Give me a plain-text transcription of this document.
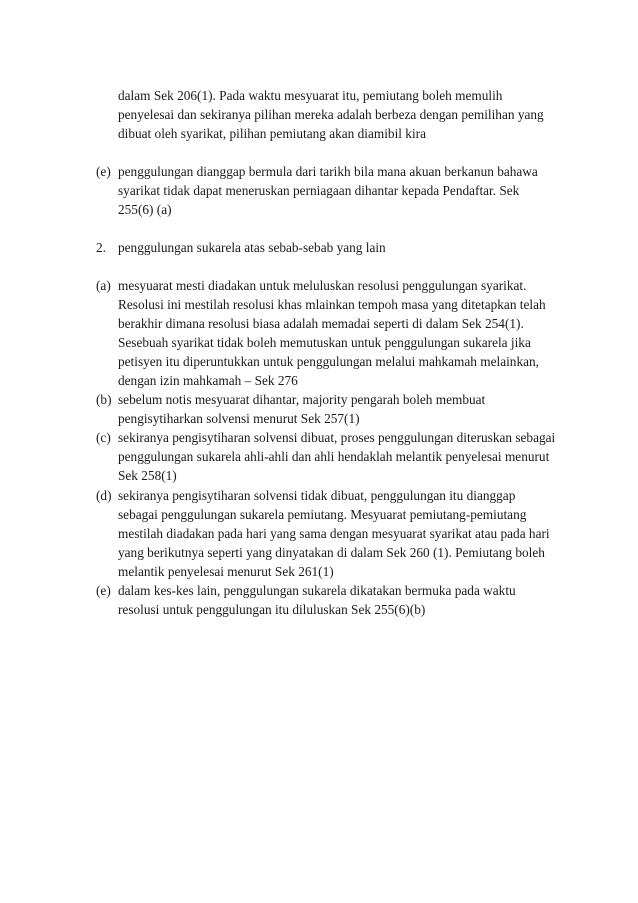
dalam Sek 206(1). Pada waktu mesyuarat itu, pemiutang boleh memulih penyelesai dan sekiranya pilihan mereka adalah berbeza dengan pemilihan yang dibuat oleh syarikat, pilihan pemiutang akan diamibil kira
(e) penggulungan dianggap bermula dari tarikh bila mana akuan berkanun bahawa syarikat tidak dapat meneruskan perniagaan dihantar kepada Pendaftar. Sek 255(6) (a)
2. penggulungan sukarela atas sebab-sebab yang lain
(a) mesyuarat mesti diadakan untuk meluluskan resolusi penggulungan syarikat. Resolusi ini mestilah resolusi khas mlainkan tempoh masa yang ditetapkan telah berakhir dimana resolusi biasa adalah memadai seperti di dalam Sek 254(1). Sesebuah syarikat tidak boleh memutuskan untuk penggulungan sukarela jika petisyen itu diperuntukkan untuk penggulungan melalui mahkamah melainkan, dengan izin mahkamah – Sek 276
(b) sebelum notis mesyuarat dihantar, majority pengarah boleh membuat pengisytiharkan solvensi menurut Sek 257(1)
(c) sekiranya pengisytiharan solvensi dibuat, proses penggulungan diteruskan sebagai penggulungan sukarela ahli-ahli dan ahli hendaklah melantik penyelesai menurut Sek 258(1)
(d) sekiranya pengisytiharan solvensi tidak dibuat, penggulungan itu dianggap sebagai penggulungan sukarela pemiutang. Mesyuarat pemiutang-pemiutang mestilah diadakan pada hari yang sama dengan mesyuarat syarikat atau pada hari yang berikutnya seperti yang dinyatakan di dalam Sek 260 (1). Pemiutang boleh melantik penyelesai menurut Sek 261(1)
(e) dalam kes-kes lain, penggulungan sukarela dikatakan bermuka pada waktu resolusi untuk penggulungan itu diluluskan Sek 255(6)(b)
